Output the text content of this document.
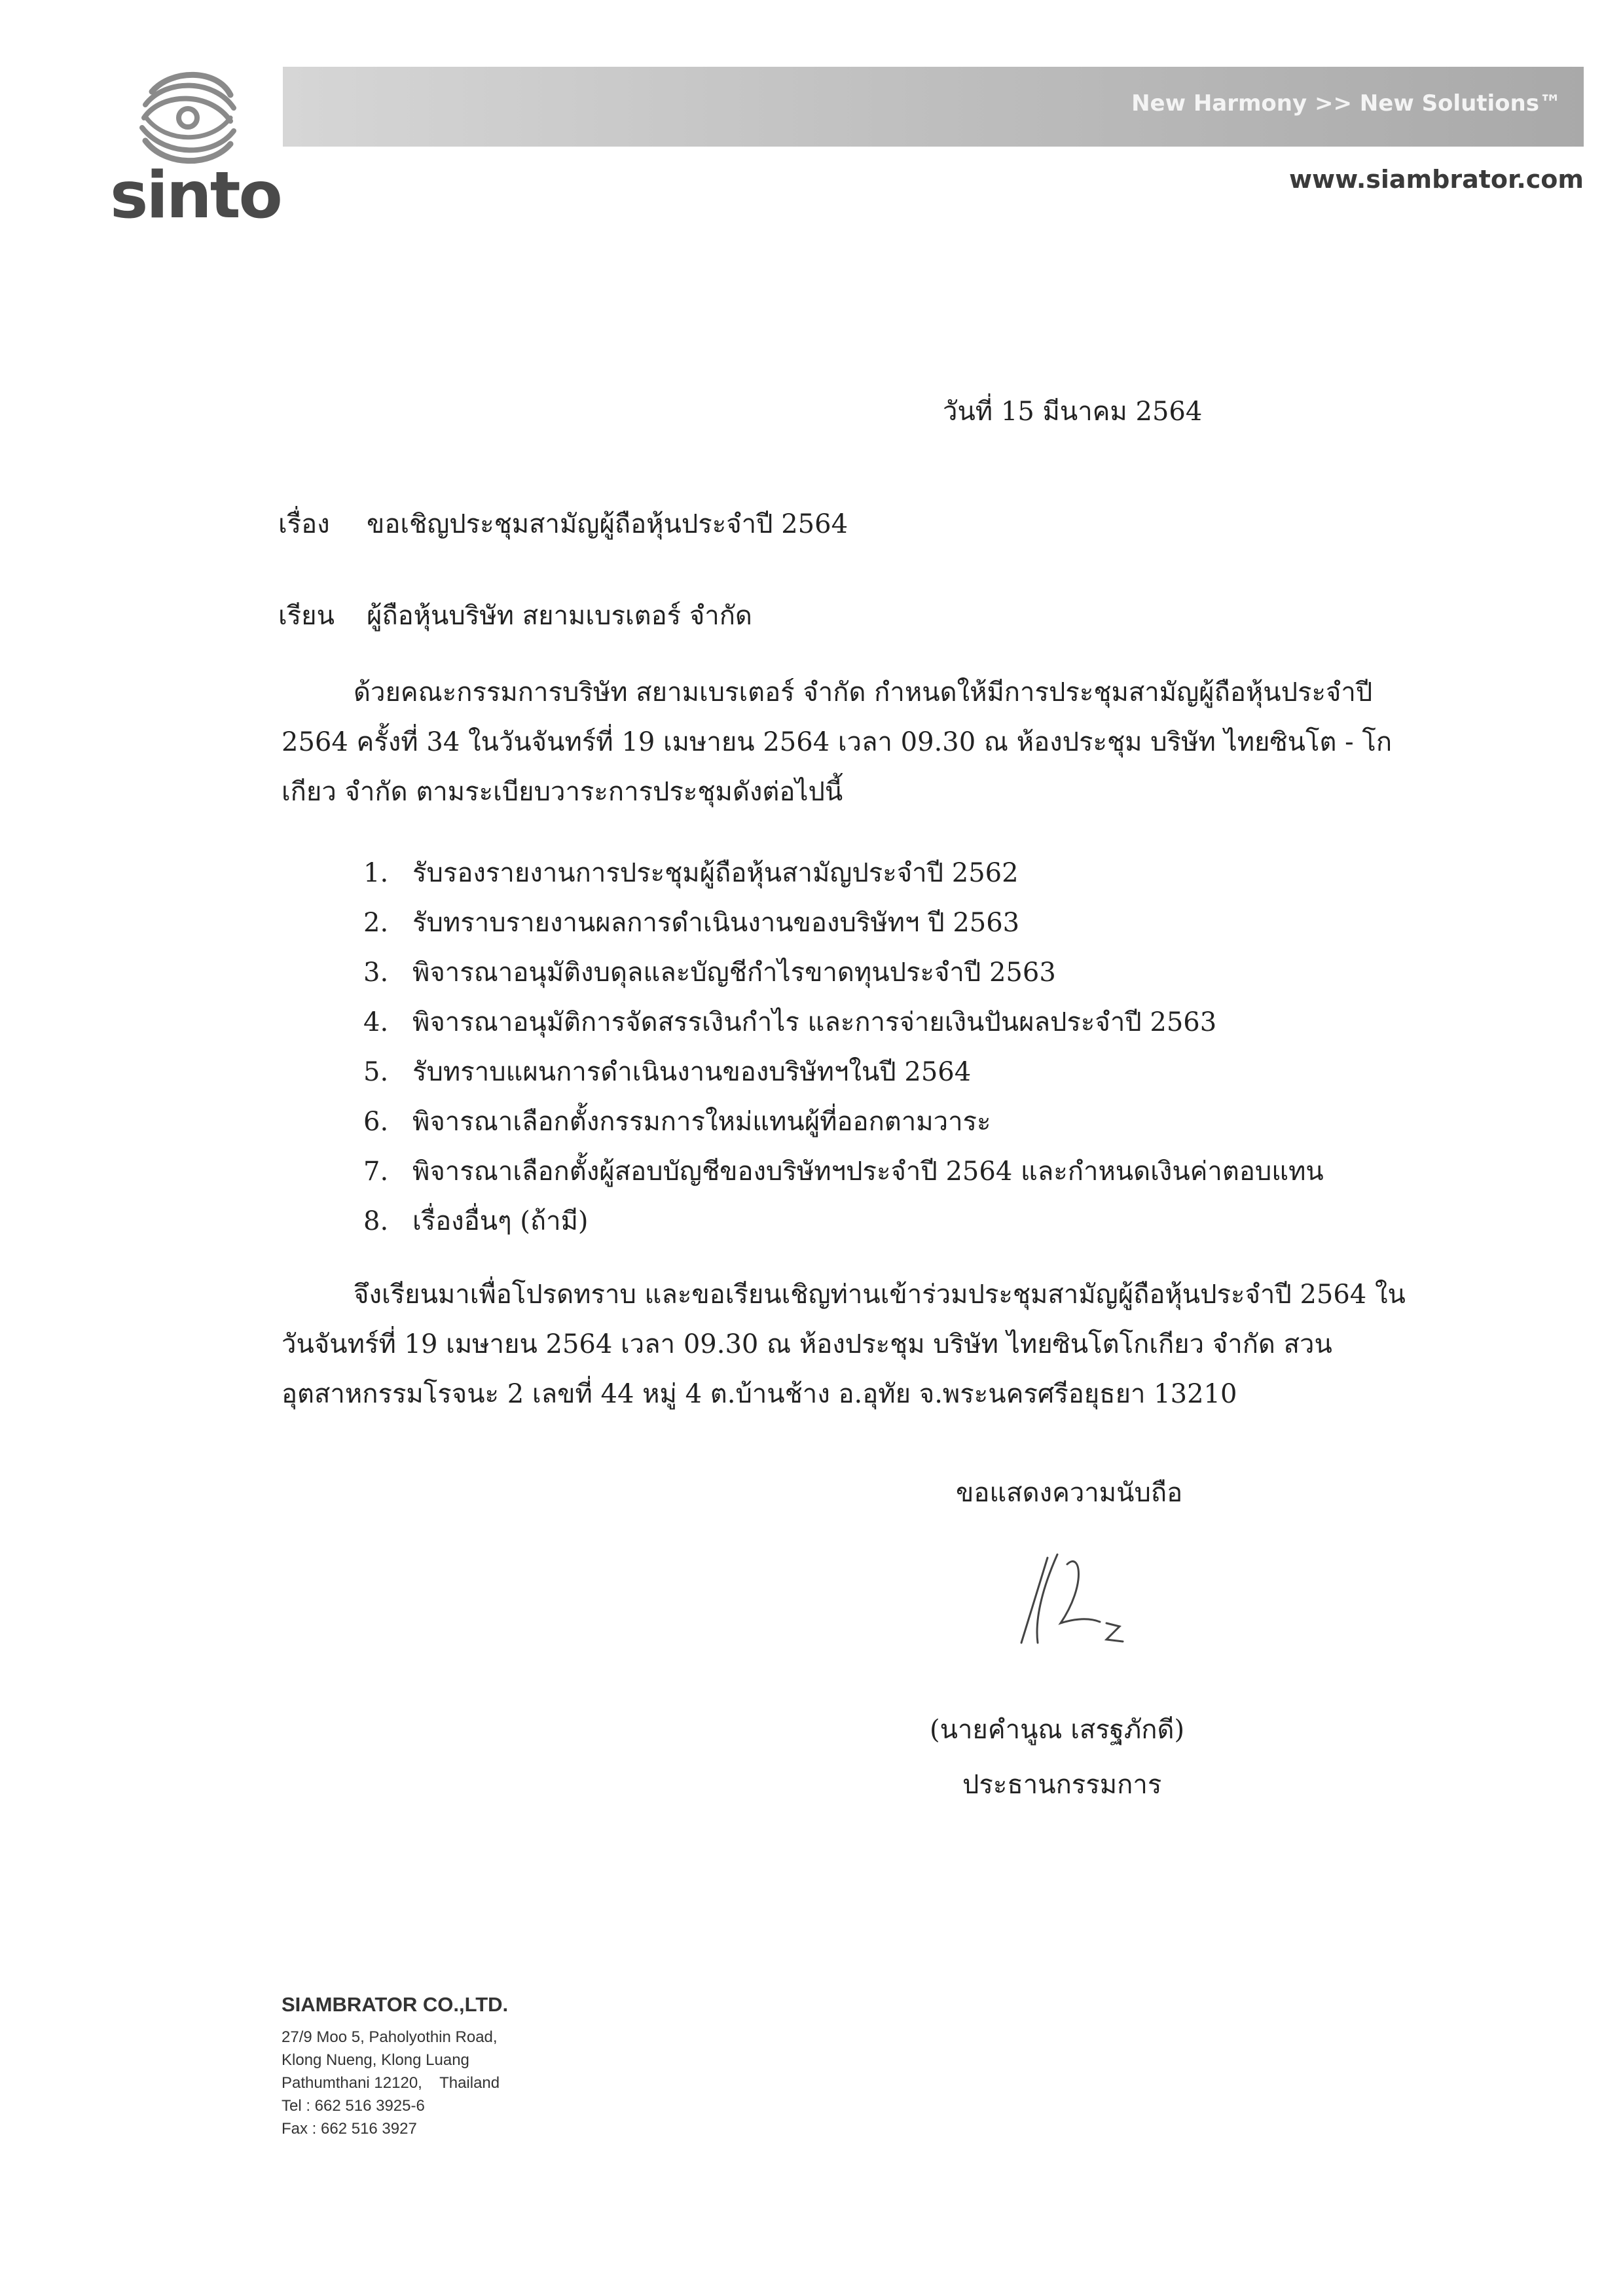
sinto
New Harmony >> New Solutions™
www.siambrator.com
วันที่ 15 มีนาคม 2564
เรื่อง ขอเชิญประชุมสามัญผู้ถือหุ้นประจำปี 2564
เรียน ผู้ถือหุ้นบริษัท สยามเบรเตอร์ จำกัด

ด้วยคณะกรรมการบริษัท สยามเบรเตอร์ จำกัด กำหนดให้มีการประชุมสามัญผู้ถือหุ้นประจำปี 2564 ครั้งที่ 34 ในวันจันทร์ที่ 19 เมษายน 2564 เวลา 09.30 ณ ห้องประชุม บริษัท ไทยซินโต - โกเกียว จำกัด ตามระเบียบวาระการประชุมดังต่อไปนี้

1. รับรองรายงานการประชุมผู้ถือหุ้นสามัญประจำปี 2562
2. รับทราบรายงานผลการดำเนินงานของบริษัทฯ ปี 2563
3. พิจารณาอนุมัติงบดุลและบัญชีกำไรขาดทุนประจำปี 2563
4. พิจารณาอนุมัติการจัดสรรเงินกำไร และการจ่ายเงินปันผลประจำปี 2563
5. รับทราบแผนการดำเนินงานของบริษัทฯในปี 2564
6. พิจารณาเลือกตั้งกรรมการใหม่แทนผู้ที่ออกตามวาระ
7. พิจารณาเลือกตั้งผู้สอบบัญชีของบริษัทฯประจำปี 2564 และกำหนดเงินค่าตอบแทน
8. เรื่องอื่นๆ (ถ้ามี)

จึงเรียนมาเพื่อโปรดทราบ และขอเรียนเชิญท่านเข้าร่วมประชุมสามัญผู้ถือหุ้นประจำปี 2564 ในวันจันทร์ที่ 19 เมษายน 2564 เวลา 09.30 ณ ห้องประชุม บริษัท ไทยซินโตโกเกียว จำกัด สวนอุตสาหกรรมโรจนะ 2 เลขที่ 44 หมู่ 4 ต.บ้านช้าง อ.อุทัย จ.พระนครศรีอยุธยา 13210

ขอแสดงความนับถือ
(นายคำนูณ เสรฐภักดี)
ประธานกรรมการ
SIAMBRATOR CO.,LTD.
27/9 Moo 5, Paholyothin Road,
Klong Nueng, Klong Luang
Pathumthani 12120,    Thailand
Tel : 662 516 3925-6
Fax : 662 516 3927
